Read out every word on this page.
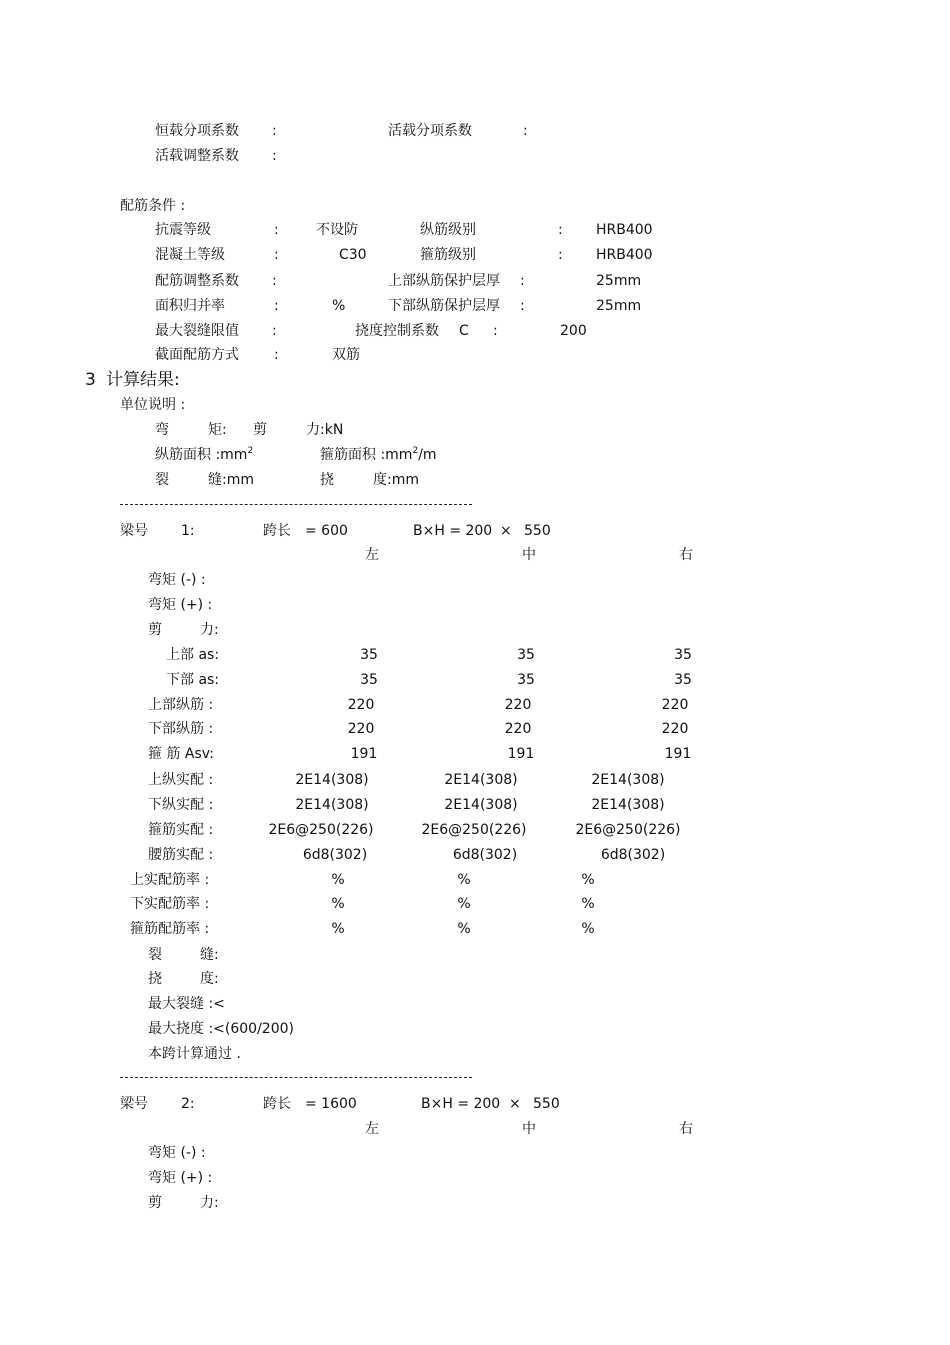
恒载分项系数 :	活载分项系数	:
活载调整系数 :
配筋条件 :
抗震等级	:	不设防	纵筋级别	: HRB400
混凝土等级	:	C30	箍筋级别	: HRB400
配筋调整系数 :	上部纵筋保护层厚 :	25mm
面积归并率	:	%	下部纵筋保护层厚 :	25mm
最大裂缝限值 :	挠度控制系数 C :	200
截面配筋方式	:	双筋
3 计算结果:
单位说明 :
弯	矩: 剪	力:kN
纵筋面积 $:mm^2$	箍筋面积 $:mm^2/m$
裂	缝:mm	挠	度:mm
梁号 1:	跨长 = 600	B×H = 200 × 550
左	中	右
弯矩 (-) :
弯矩 (+) :
剪	力:
上部 as:	35	35	35
下部 as:	35	35	35
上部纵筋 :	220	220	220
下部纵筋 :	220	220	220
箍 筋 Asv:	191	191	191
上纵实配 :	2E14(308)	2E14(308)	2E14(308)
下纵实配 :	2E14(308)	2E14(308)	2E14(308)
箍筋实配 :	2E6@250(226)	2E6@250(226)	2E6@250(226)
腰筋实配 :	6d8(302)	6d8(302)	6d8(302)
上实配筋率 :	%	%	%
下实配筋率 :	%	%	%
箍筋配筋率 :	%	%	%
裂	缝:
挠	度:
最大裂缝 :<
最大挠度 :<(600/200)
本跨计算通过 .
梁号 2:	跨长 = 1600	B×H = 200 × 550
左	中	右
弯矩 (-) :
弯矩 (+) :
剪	力:
